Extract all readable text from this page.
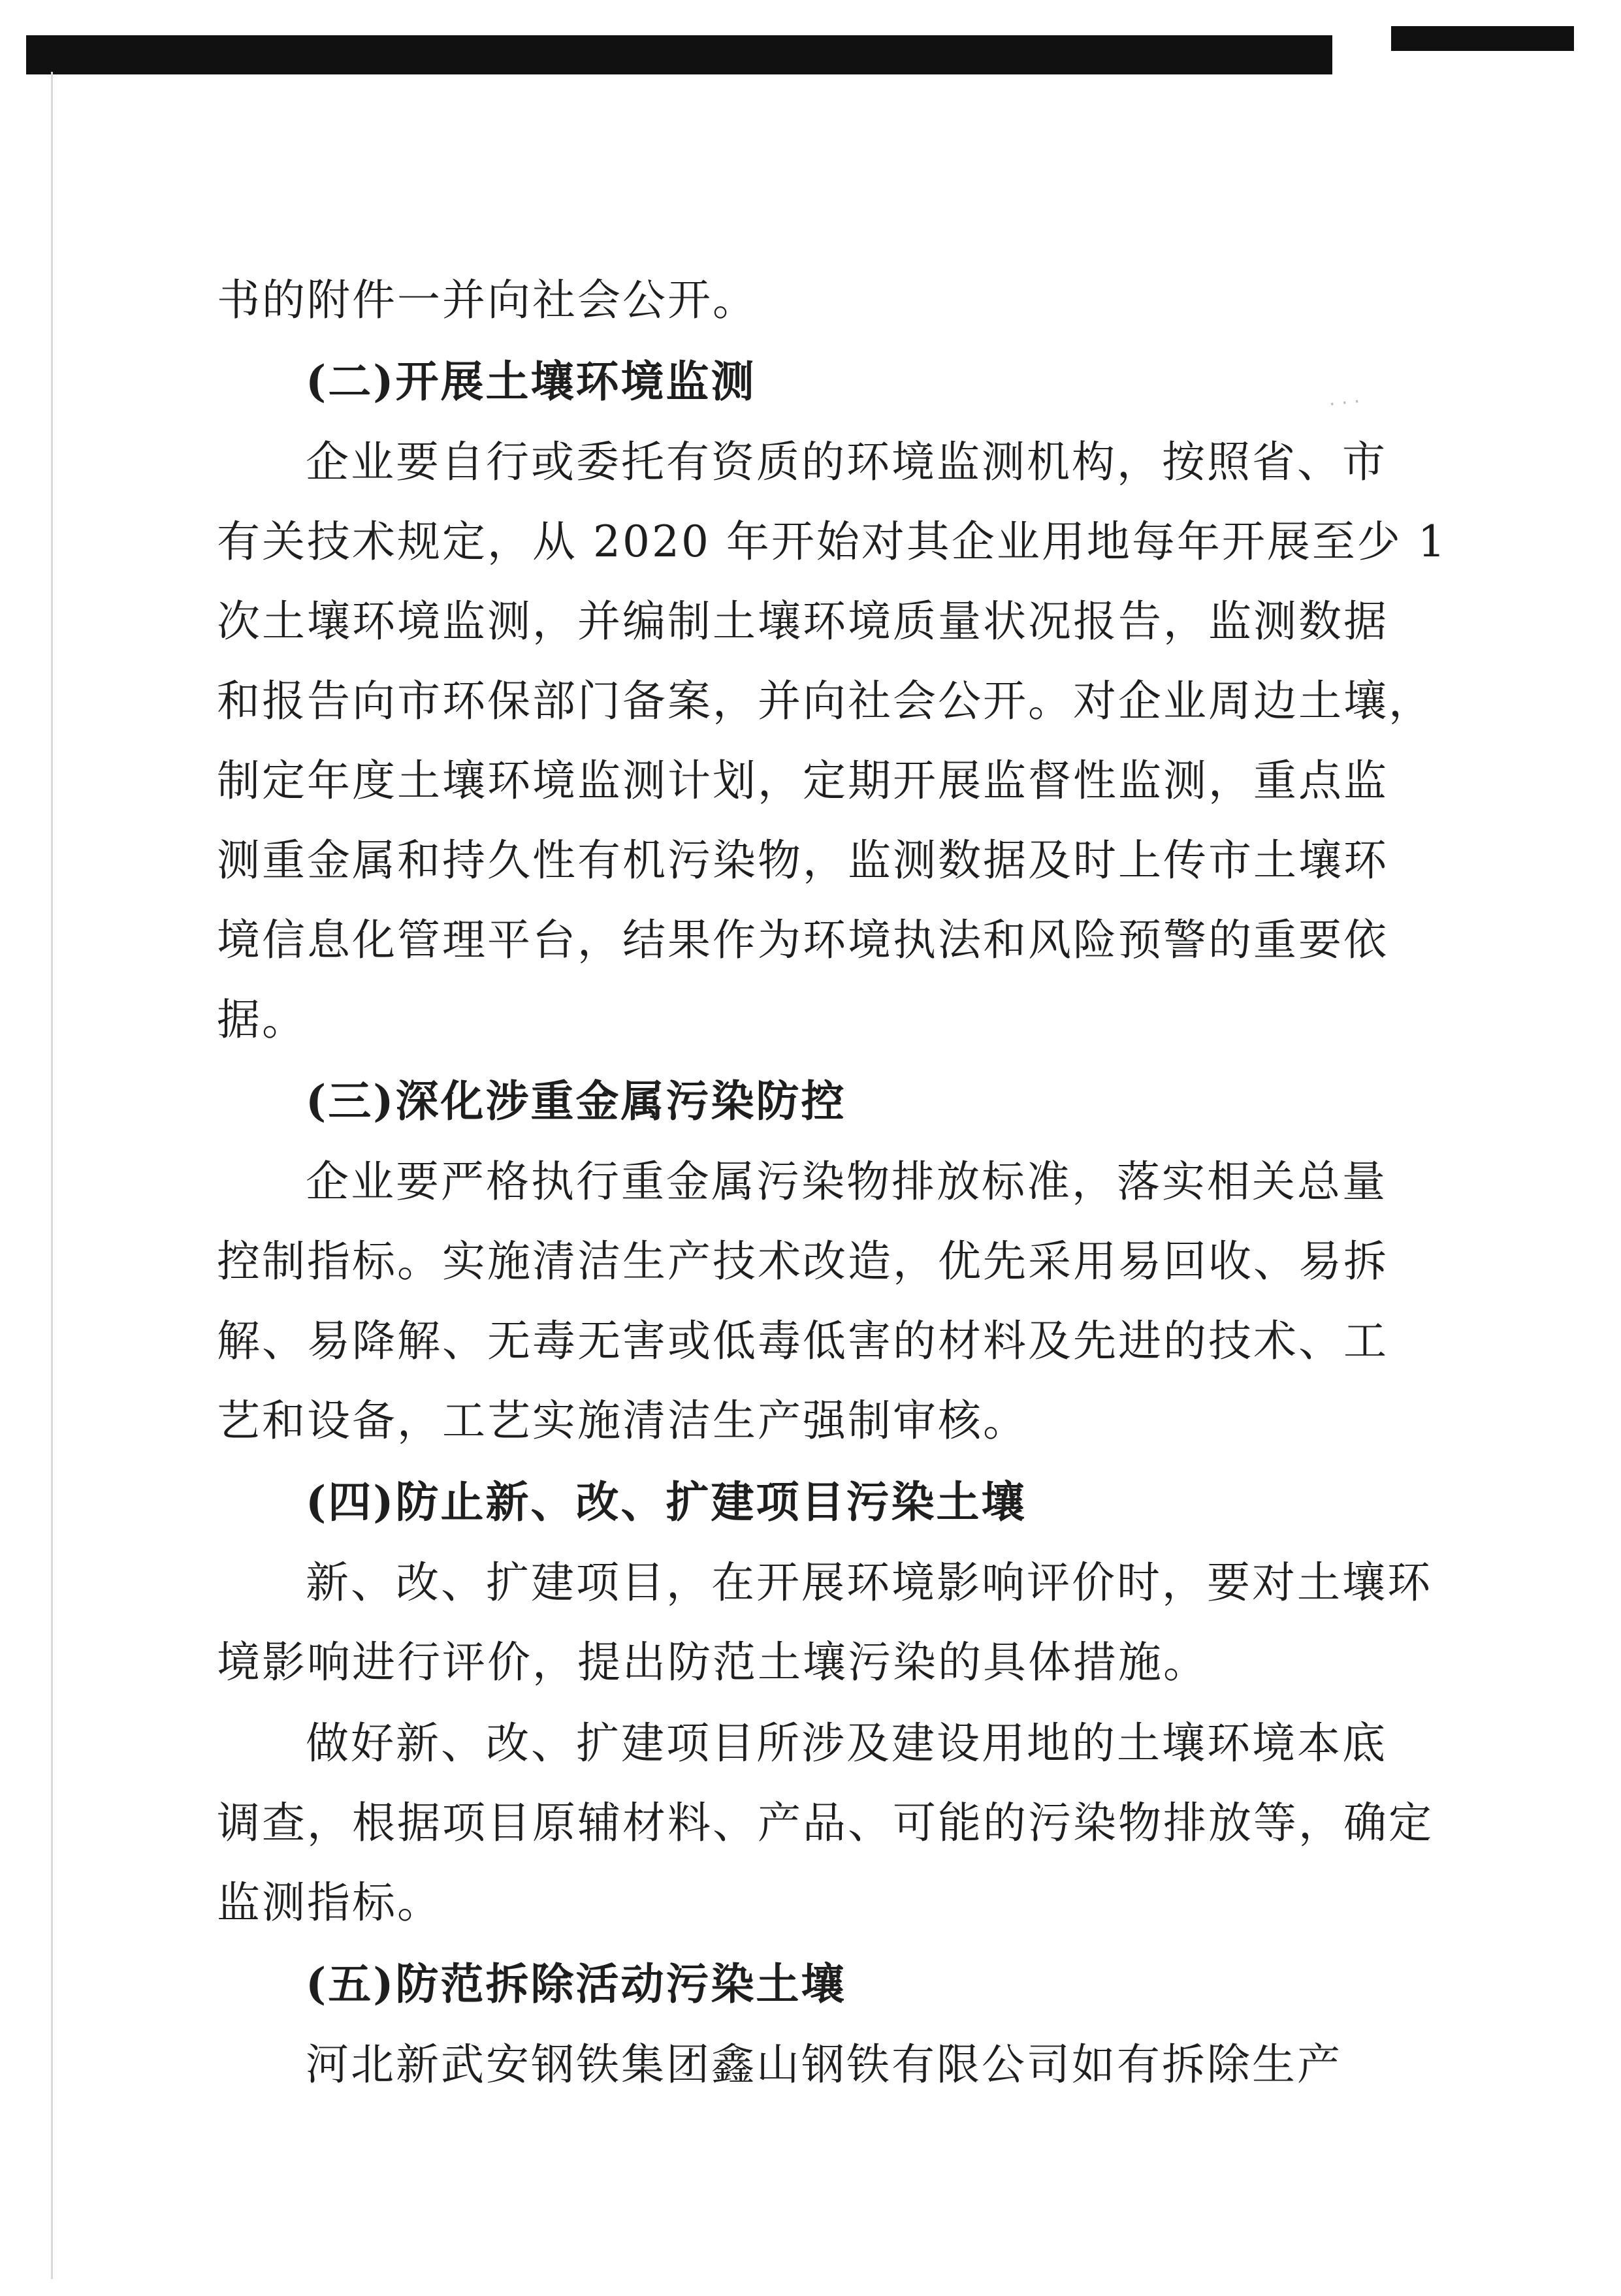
书的附件一并向社会公开。
(二)开展土壤环境监测
企业要自行或委托有资质的环境监测机构，按照省、市
有关技术规定，从 2020 年开始对其企业用地每年开展至少 1
次土壤环境监测，并编制土壤环境质量状况报告，监测数据
和报告向市环保部门备案，并向社会公开。对企业周边土壤，
制定年度土壤环境监测计划，定期开展监督性监测，重点监
测重金属和持久性有机污染物，监测数据及时上传市土壤环
境信息化管理平台，结果作为环境执法和风险预警的重要依
据。
(三)深化涉重金属污染防控
企业要严格执行重金属污染物排放标准，落实相关总量
控制指标。实施清洁生产技术改造，优先采用易回收、易拆
解、易降解、无毒无害或低毒低害的材料及先进的技术、工
艺和设备，工艺实施清洁生产强制审核。
(四)防止新、改、扩建项目污染土壤
新、改、扩建项目，在开展环境影响评价时，要对土壤环
境影响进行评价，提出防范土壤污染的具体措施。
做好新、改、扩建项目所涉及建设用地的土壤环境本底
调查，根据项目原辅材料、产品、可能的污染物排放等，确定
监测指标。
(五)防范拆除活动污染土壤
河北新武安钢铁集团鑫山钢铁有限公司如有拆除生产
· · ·
